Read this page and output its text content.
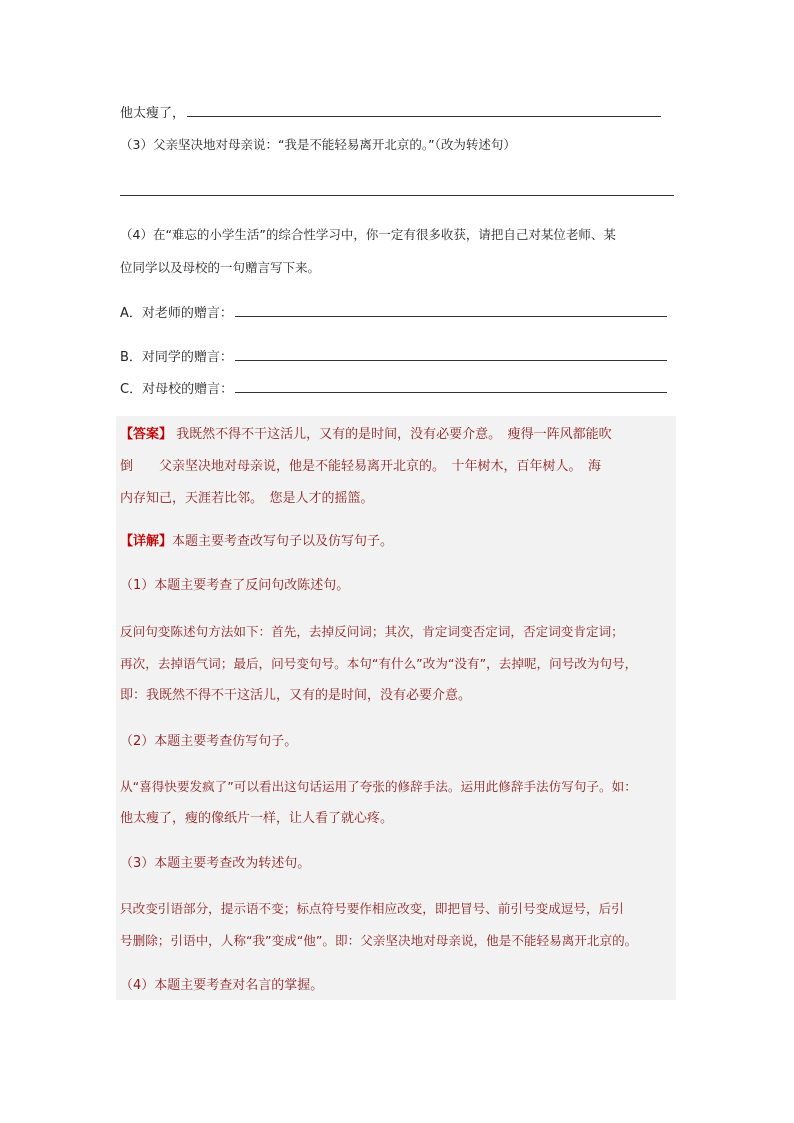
他太瘦了，
（3）父亲坚决地对母亲说：“我是不能轻易离开北京的。”（改为转述句）
（4）在“难忘的小学生活”的综合性学习中，你一定有很多收获，请把自己对某位老师、某
位同学以及母校的一句赠言写下来。
A．对老师的赠言：
B．对同学的赠言：
C．对母校的赠言：
【答案】 我既然不得不干这活儿，又有的是时间，没有必要介意。　瘦得一阵风都能吹
倒　　父亲坚决地对母亲说，他是不能轻易离开北京的。　十年树木，百年树人。　海
内存知己，天涯若比邻。　您是人才的摇篮。
【详解】本题主要考查改写句子以及仿写句子。
（1）本题主要考查了反问句改陈述句。
反问句变陈述句方法如下：首先，去掉反问词；其次，肯定词变否定词，否定词变肯定词；
再次，去掉语气词；最后，问号变句号。本句“有什么”改为“没有”，去掉呢，问号改为句号，
即：我既然不得不干这活儿，又有的是时间，没有必要介意。
（2）本题主要考查仿写句子。
从“喜得快要发疯了”可以看出这句话运用了夸张的修辞手法。运用此修辞手法仿写句子。如：
他太瘦了，瘦的像纸片一样，让人看了就心疼。
（3）本题主要考查改为转述句。
只改变引语部分，提示语不变；标点符号要作相应改变，即把冒号、前引号变成逗号，后引
号删除；引语中，人称“我”变成“他”。即：父亲坚决地对母亲说，他是不能轻易离开北京的。
（4）本题主要考查对名言的掌握。
